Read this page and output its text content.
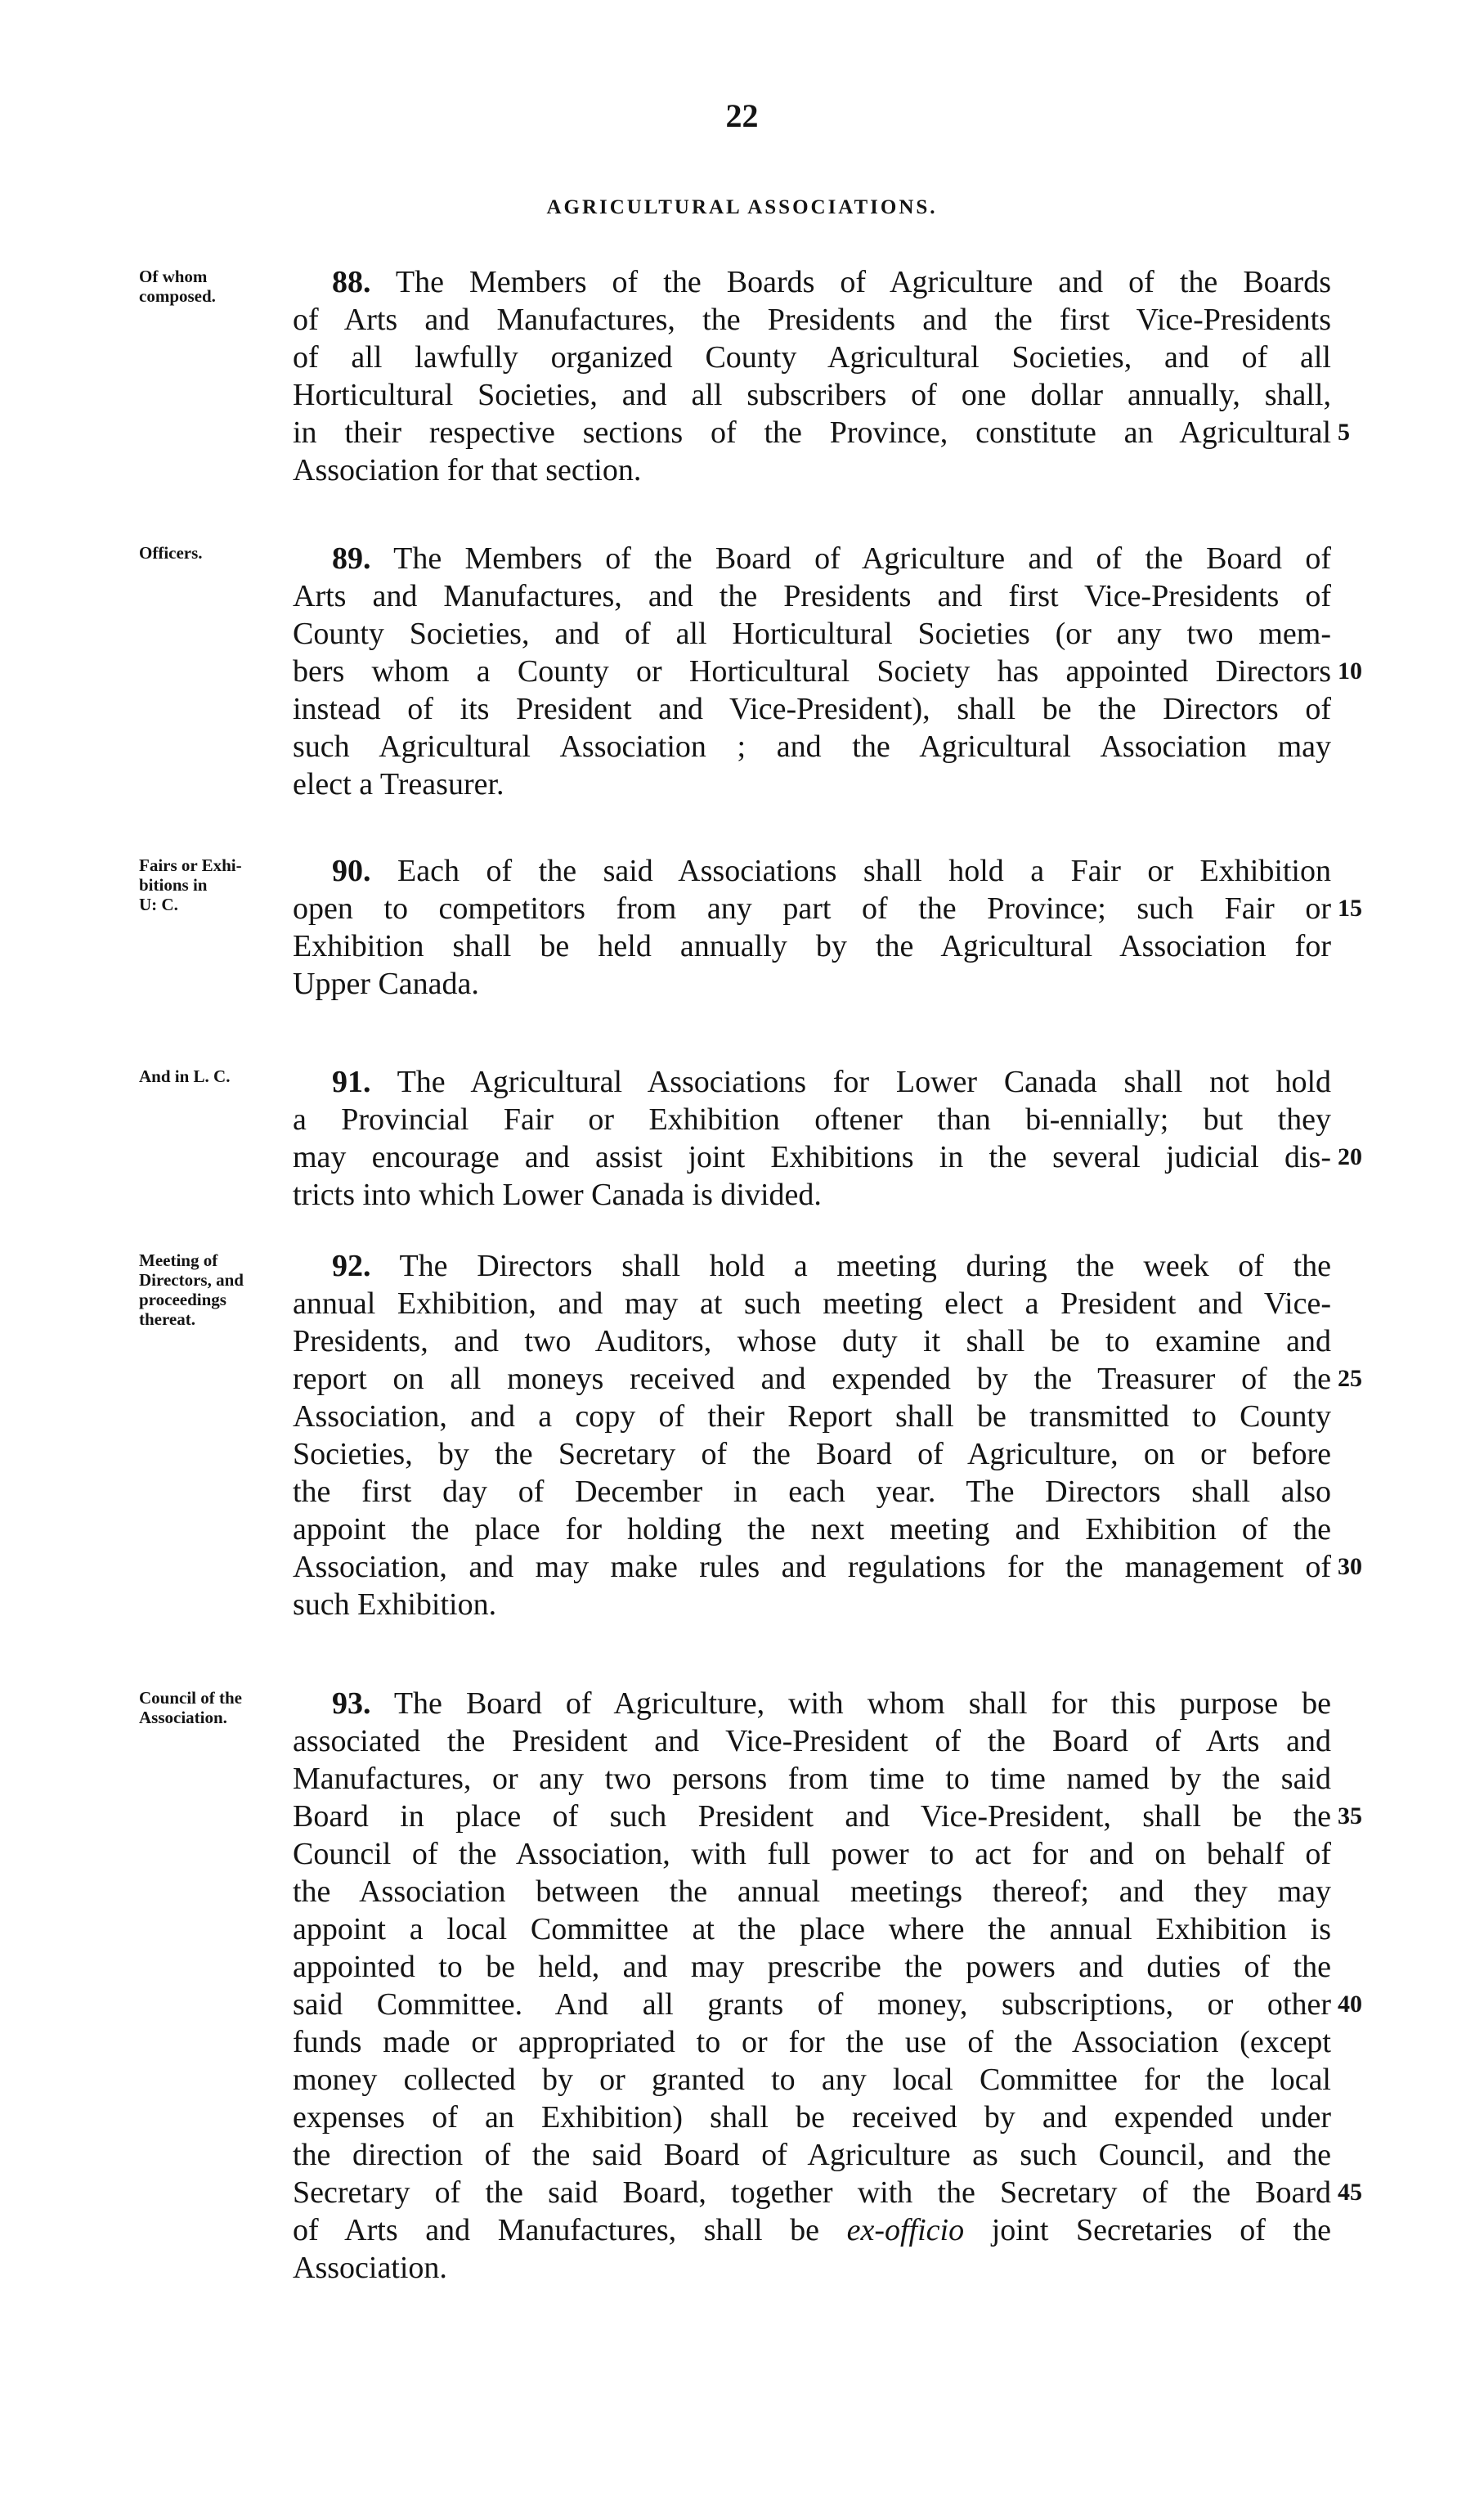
22
AGRICULTURAL ASSOCIATIONS.
Of whom
composed.	88. The Members of the Boards of Agriculture and of the Boards
of Arts and Manufactures, the Presidents and the first Vice-Presidents
of all lawfully organized County Agricultural Societies, and of all
Horticultural Societies, and all subscribers of one dollar annually, shall,
in their respective sections of the Province, constitute an Agricultural
Association for that section.
5
Officers.	89. The Members of the Board of Agriculture and of the Board of
Arts and Manufactures, and the Presidents and first Vice-Presidents of
County Societies, and of all Horticultural Societies (or any two mem-
bers whom a County or Horticultural Society has appointed Directors
instead of its President and Vice-President), shall be the Directors of
such Agricultural Association ; and the Agricultural Association may
elect a Treasurer.
10
Fairs or Exhi-
bitions in
U: C.
90. Each of the said Associations shall hold a Fair or Exhibition
open to competitors from any part of the Province; such Fair or
Exhibition shall be held annually by the Agricultural Association for
Upper Canada.
15
And in L. C.	91. The Agricultural Associations for Lower Canada shall not hold
a Provincial Fair or Exhibition oftener than bi-ennially; but they
may encourage and assist joint Exhibitions in the several judicial dis-
tricts into which Lower Canada is divided.
20
Meeting of
Directors, and
proceedings
thereat.
92. The Directors shall hold a meeting during the week of the
annual Exhibition, and may at such meeting elect a President and Vice-
Presidents, and two Auditors, whose duty it shall be to examine and
report on all moneys received and expended by the Treasurer of the
Association, and a copy of their Report shall be transmitted to County
Societies, by the Secretary of the Board of Agriculture, on or before
the first day of December in each year. The Directors shall also
appoint the place for holding the next meeting and Exhibition of the
Association, and may make rules and regulations for the management of
such Exhibition.
25
30
Council of the
Association.	93. The Board of Agriculture, with whom shall for this purpose be
associated the President and Vice-President of the Board of Arts and
Manufactures, or any two persons from time to time named by the said
Board in place of such President and Vice-President, shall be the
Council of the Association, with full power to act for and on behalf of
the Association between the annual meetings thereof; and they may
appoint a local Committee at the place where the annual Exhibition is
appointed to be held, and may prescribe the powers and duties of the
said Committee. And all grants of money, subscriptions, or other
funds made or appropriated to or for the use of the Association (except
money collected by or granted to any local Committee for the local
expenses of an Exhibition) shall be received by and expended under
the direction of the said Board of Agriculture as such Council, and the
Secretary of the said Board, together with the Secretary of the Board
of Arts and Manufactures, shall be ex-officio joint Secretaries of the
Association.
35
40
45
